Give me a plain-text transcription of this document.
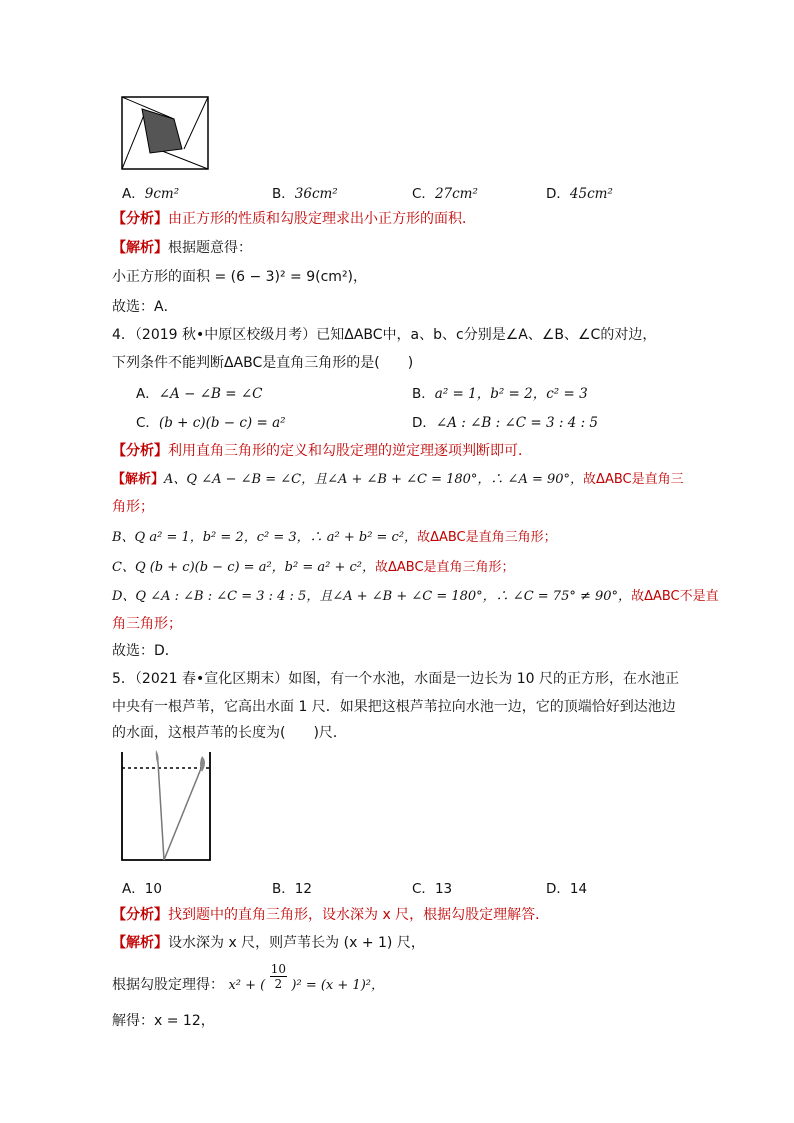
A．9cm²	B．36cm²	C．27cm²	D．45cm²
【分析】由正方形的性质和勾股定理求出小正方形的面积．
【解析】根据题意得：
小正方形的面积 = (6 − 3)² = 9(cm²)，
故选：A．
4．（2019 秋•中原区校级月考）已知ΔABC中，a、b、c分别是∠A、∠B、∠C的对边，
下列条件不能判断ΔABC是直角三角形的是(　　)
A．∠A − ∠B = ∠C	B．a² = 1，b² = 2，c² = 3
C．(b + c)(b − c) = a²	D．∠A : ∠B : ∠C = 3 : 4 : 5
【分析】利用直角三角形的定义和勾股定理的逆定理逐项判断即可．
【解析】A、Q ∠A − ∠B = ∠C，且∠A + ∠B + ∠C = 180°，∴ ∠A = 90°，故ΔABC是直角三
角形；
B、Q a² = 1，b² = 2，c² = 3，∴ a² + b² = c²，故ΔABC是直角三角形；
C、Q (b + c)(b − c) = a²，b² = a² + c²，故ΔABC是直角三角形；
D、Q ∠A : ∠B : ∠C = 3 : 4 : 5，且∠A + ∠B + ∠C = 180°，∴ ∠C = 75° ≠ 90°，故ΔABC不是直
角三角形；
故选：D．
5．（2021 春•宣化区期末）如图，有一个水池，水面是一边长为 10 尺的正方形，在水池正
中央有一根芦苇，它高出水面 1 尺．如果把这根芦苇拉向水池一边，它的顶端恰好到达池边
的水面，这根芦苇的长度为(　　)尺．
A．10	B．12	C．13	D．14
【分析】找到题中的直角三角形，设水深为 x 尺，根据勾股定理解答．
【解析】设水深为 x 尺，则芦苇长为 (x + 1) 尺，
根据勾股定理得： x² + ( $\frac{10}{2} )^2 = (x + 1)^2$，
解得：x = 12，
